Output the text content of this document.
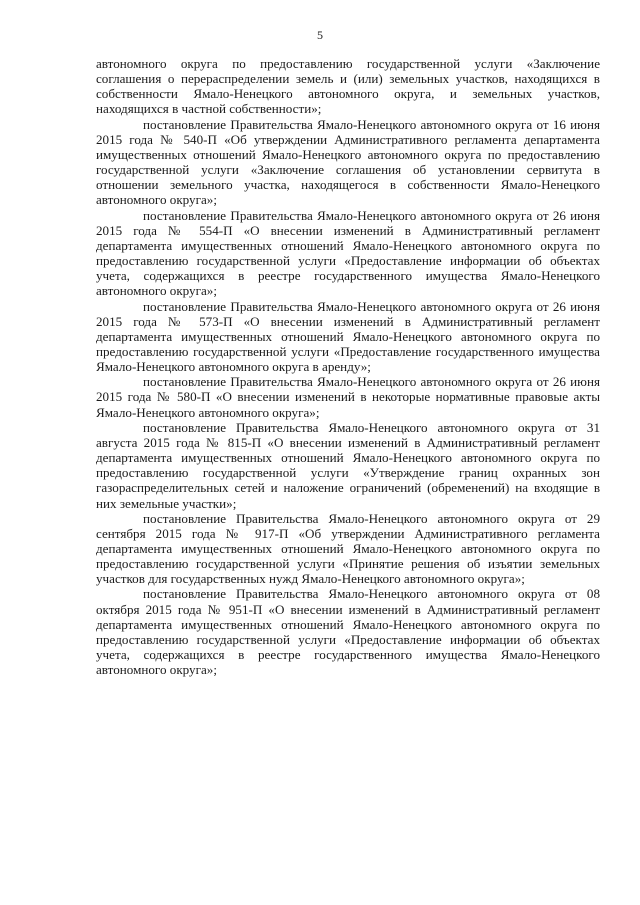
5

автономного округа по предоставлению государственной услуги «Заключение соглашения о перераспределении земель и (или) земельных участков, находящихся в собственности Ямало-Ненецкого автономного округа, и земельных участков, находящихся в частной собственности»;

постановление Правительства Ямало-Ненецкого автономного округа от 16 июня 2015 года № 540-П «Об утверждении Административного регламента департамента имущественных отношений Ямало-Ненецкого автономного округа по предоставлению государственной услуги «Заключение соглашения об установлении сервитута в отношении земельного участка, находящегося в собственности Ямало-Ненецкого автономного округа»;

постановление Правительства Ямало-Ненецкого автономного округа от 26 июня 2015 года № 554-П «О внесении изменений в Административный регламент департамента имущественных отношений Ямало-Ненецкого автономного округа по предоставлению государственной услуги «Предоставление информации об объектах учета, содержащихся в реестре государственного имущества Ямало-Ненецкого автономного округа»;

постановление Правительства Ямало-Ненецкого автономного округа от 26 июня 2015 года № 573-П «О внесении изменений в Административный регламент департамента имущественных отношений Ямало-Ненецкого автономного округа по предоставлению государственной услуги «Предоставление государственного имущества Ямало-Ненецкого автономного округа в аренду»;

постановление Правительства Ямало-Ненецкого автономного округа от 26 июня 2015 года № 580-П «О внесении изменений в некоторые нормативные правовые акты Ямало-Ненецкого автономного округа»;

постановление Правительства Ямало-Ненецкого автономного округа от 31 августа 2015 года № 815-П «О внесении изменений в Административный регламент департамента имущественных отношений Ямало-Ненецкого автономного округа по предоставлению государственной услуги «Утверждение границ охранных зон газораспределительных сетей и наложение ограничений (обременений) на входящие в них земельные участки»;

постановление Правительства Ямало-Ненецкого автономного округа от 29 сентября 2015 года № 917-П «Об утверждении Административного регламента департамента имущественных отношений Ямало-Ненецкого автономного округа по предоставлению государственной услуги «Принятие решения об изъятии земельных участков для государственных нужд Ямало-Ненецкого автономного округа»;

постановление Правительства Ямало-Ненецкого автономного округа от 08 октября 2015 года № 951-П «О внесении изменений в Административный регламент департамента имущественных отношений Ямало-Ненецкого автономного округа по предоставлению государственной услуги «Предоставление информации об объектах учета, содержащихся в реестре государственного имущества Ямало-Ненецкого автономного округа»;
